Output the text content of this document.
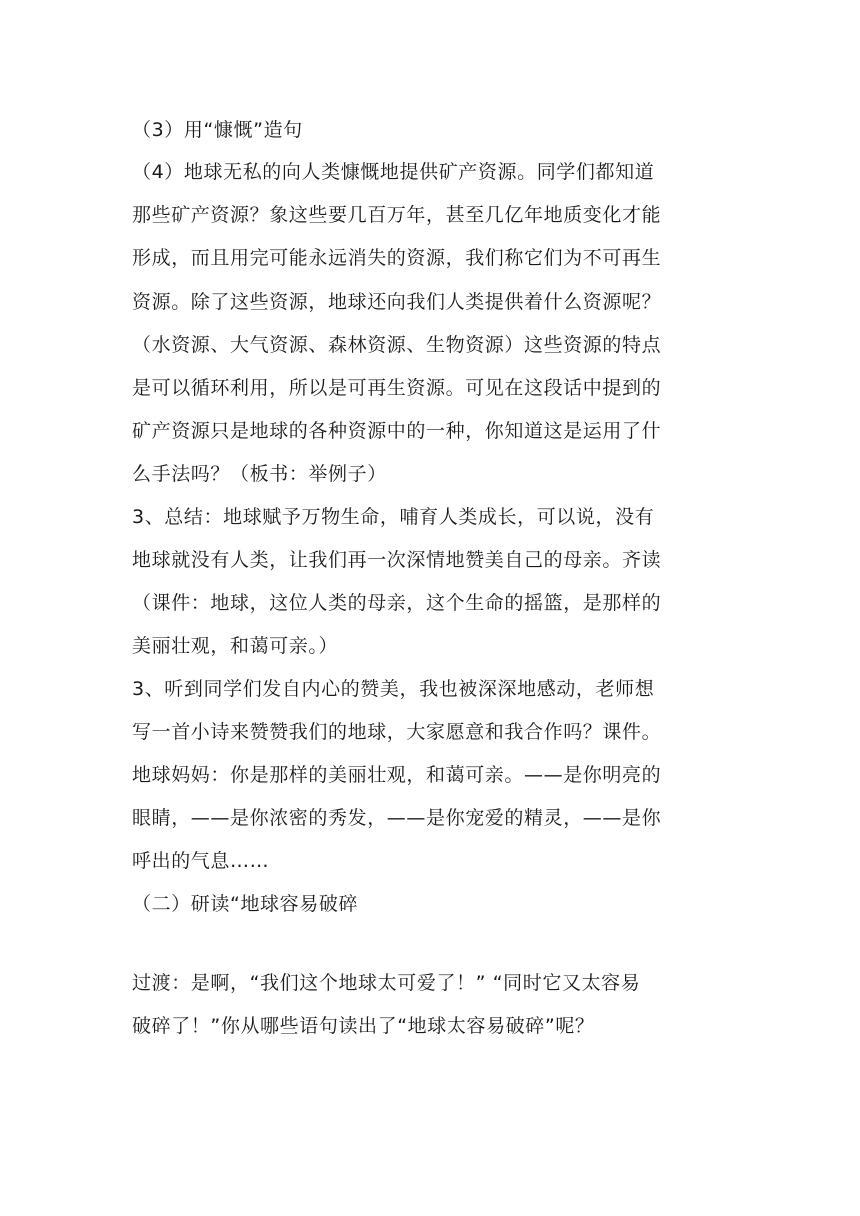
（3）用“慷慨”造句
（4）地球无私的向人类慷慨地提供矿产资源。同学们都知道
那些矿产资源？象这些要几百万年，甚至几亿年地质变化才能
形成，而且用完可能永远消失的资源，我们称它们为不可再生
资源。除了这些资源，地球还向我们人类提供着什么资源呢？
（水资源、大气资源、森林资源、生物资源）这些资源的特点
是可以循环利用，所以是可再生资源。可见在这段话中提到的
矿产资源只是地球的各种资源中的一种，你知道这是运用了什
么手法吗？（板书：举例子）
3、总结：地球赋予万物生命，哺育人类成长，可以说，没有
地球就没有人类，让我们再一次深情地赞美自己的母亲。齐读
（课件：地球，这位人类的母亲，这个生命的摇篮，是那样的
美丽壮观，和蔼可亲。）
3、听到同学们发自内心的赞美，我也被深深地感动，老师想
写一首小诗来赞赞我们的地球，大家愿意和我合作吗？课件。
地球妈妈：你是那样的美丽壮观，和蔼可亲。——是你明亮的
眼睛，——是你浓密的秀发，——是你宠爱的精灵，——是你
呼出的气息……
（二）研读“地球容易破碎
过渡：是啊，“我们这个地球太可爱了！” “同时它又太容易
破碎了！”你从哪些语句读出了“地球太容易破碎”呢？
